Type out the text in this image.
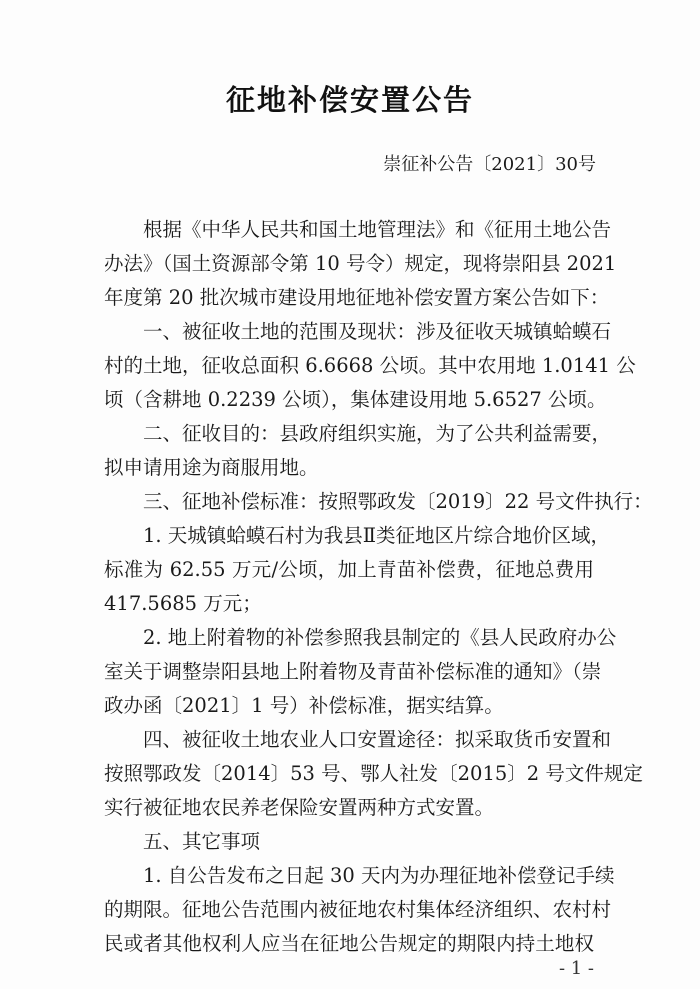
征地补偿安置公告
崇征补公告〔2021〕30号
根据《中华人民共和国土地管理法》和《征用土地公告
办法》（国土资源部令第 10 号令）规定，现将崇阳县 2021
年度第 20 批次城市建设用地征地补偿安置方案公告如下：
一、被征收土地的范围及现状：涉及征收天城镇蛤蟆石
村的土地，征收总面积 6.6668 公顷。其中农用地 1.0141 公
顷（含耕地 0.2239 公顷），集体建设用地 5.6527 公顷。
二、征收目的：县政府组织实施，为了公共利益需要，
拟申请用途为商服用地。
三、征地补偿标准：按照鄂政发〔2019〕22 号文件执行：
1. 天城镇蛤蟆石村为我县Ⅱ类征地区片综合地价区域，
标准为 62.55 万元/公顷，加上青苗补偿费，征地总费用
417.5685 万元；
2. 地上附着物的补偿参照我县制定的《县人民政府办公
室关于调整崇阳县地上附着物及青苗补偿标准的通知》（崇
政办函〔2021〕1 号）补偿标准，据实结算。
四、被征收土地农业人口安置途径：拟采取货币安置和
按照鄂政发〔2014〕53 号、鄂人社发〔2015〕2 号文件规定
实行被征地农民养老保险安置两种方式安置。
五、其它事项
1. 自公告发布之日起 30 天内为办理征地补偿登记手续
的期限。征地公告范围内被征地农村集体经济组织、农村村
民或者其他权利人应当在征地公告规定的期限内持土地权
- 1 -
